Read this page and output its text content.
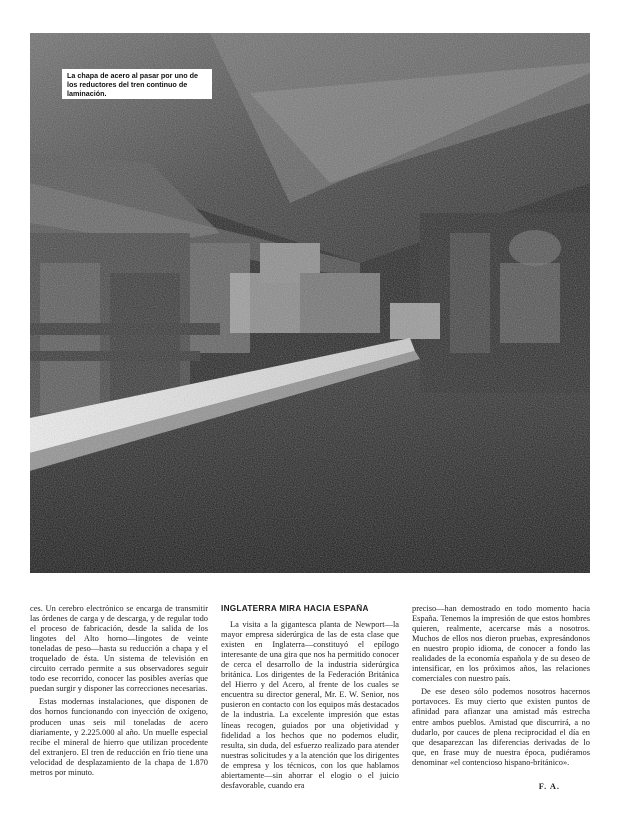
La chapa de acero al pasar por uno de los reductores del tren continuo de laminación.

ces. Un cerebro electrónico se encarga de transmitir las órdenes de carga y de descarga, y de regular todo el proceso de fabricación, desde la salida de los lingotes del Alto horno—lingotes de veinte toneladas de peso—hasta su reducción a chapa y el troquelado de ésta. Un sistema de televisión en circuito cerrado permite a sus observadores seguir todo ese recorrido, conocer las posibles averías que puedan surgir y disponer las correcciones necesarias.

Estas modernas instalaciones, que disponen de dos hornos funcionando con inyección de oxígeno, producen unas seis mil toneladas de acero diariamente, y 2.225.000 al año. Un muelle especial recibe el mineral de hierro que utilizan procedente del extranjero. El tren de reducción en frío tiene una velocidad de desplazamiento de la chapa de 1.870 metros por minuto.

INGLATERRA MIRA HACIA ESPAÑA

La visita a la gigantesca planta de Newport—la mayor empresa siderúrgica de las de esta clase que existen en Inglaterra—constituyó el epílogo interesante de una gira que nos ha permitido conocer de cerca el desarrollo de la industria siderúrgica británica. Los dirigentes de la Federación Británica del Hierro y del Acero, al frente de los cuales se encuentra su director general, Mr. E. W. Senior, nos pusieron en contacto con los equipos más destacados de la industria. La excelente impresión que estas líneas recogen, guiados por una objetividad y fidelidad a los hechos que no podemos eludir, resulta, sin duda, del esfuerzo realizado para atender nuestras solicitudes y a la atención que los dirigentes de empresa y los técnicos, con los que hablamos abiertamente—sin ahorrar el elogio o el juicio desfavorable, cuando era

preciso—han demostrado en todo momento hacia España. Tenemos la impresión de que estos hombres quieren, realmente, acercarse más a nosotros. Muchos de ellos nos dieron pruebas, expresándonos en nuestro propio idioma, de conocer a fondo las realidades de la economía española y de su deseo de intensificar, en los próximos años, las relaciones comerciales con nuestro país.

De ese deseo sólo podemos nosotros hacernos portavoces. Es muy cierto que existen puntos de afinidad para afianzar una amistad más estrecha entre ambos pueblos. Amistad que discurrirá, a no dudarlo, por cauces de plena reciprocidad el día en que desaparezcan las diferencias derivadas de lo que, en frase muy de nuestra época, pudiéramos denominar «el contencioso hispano-británico».

F. A.
